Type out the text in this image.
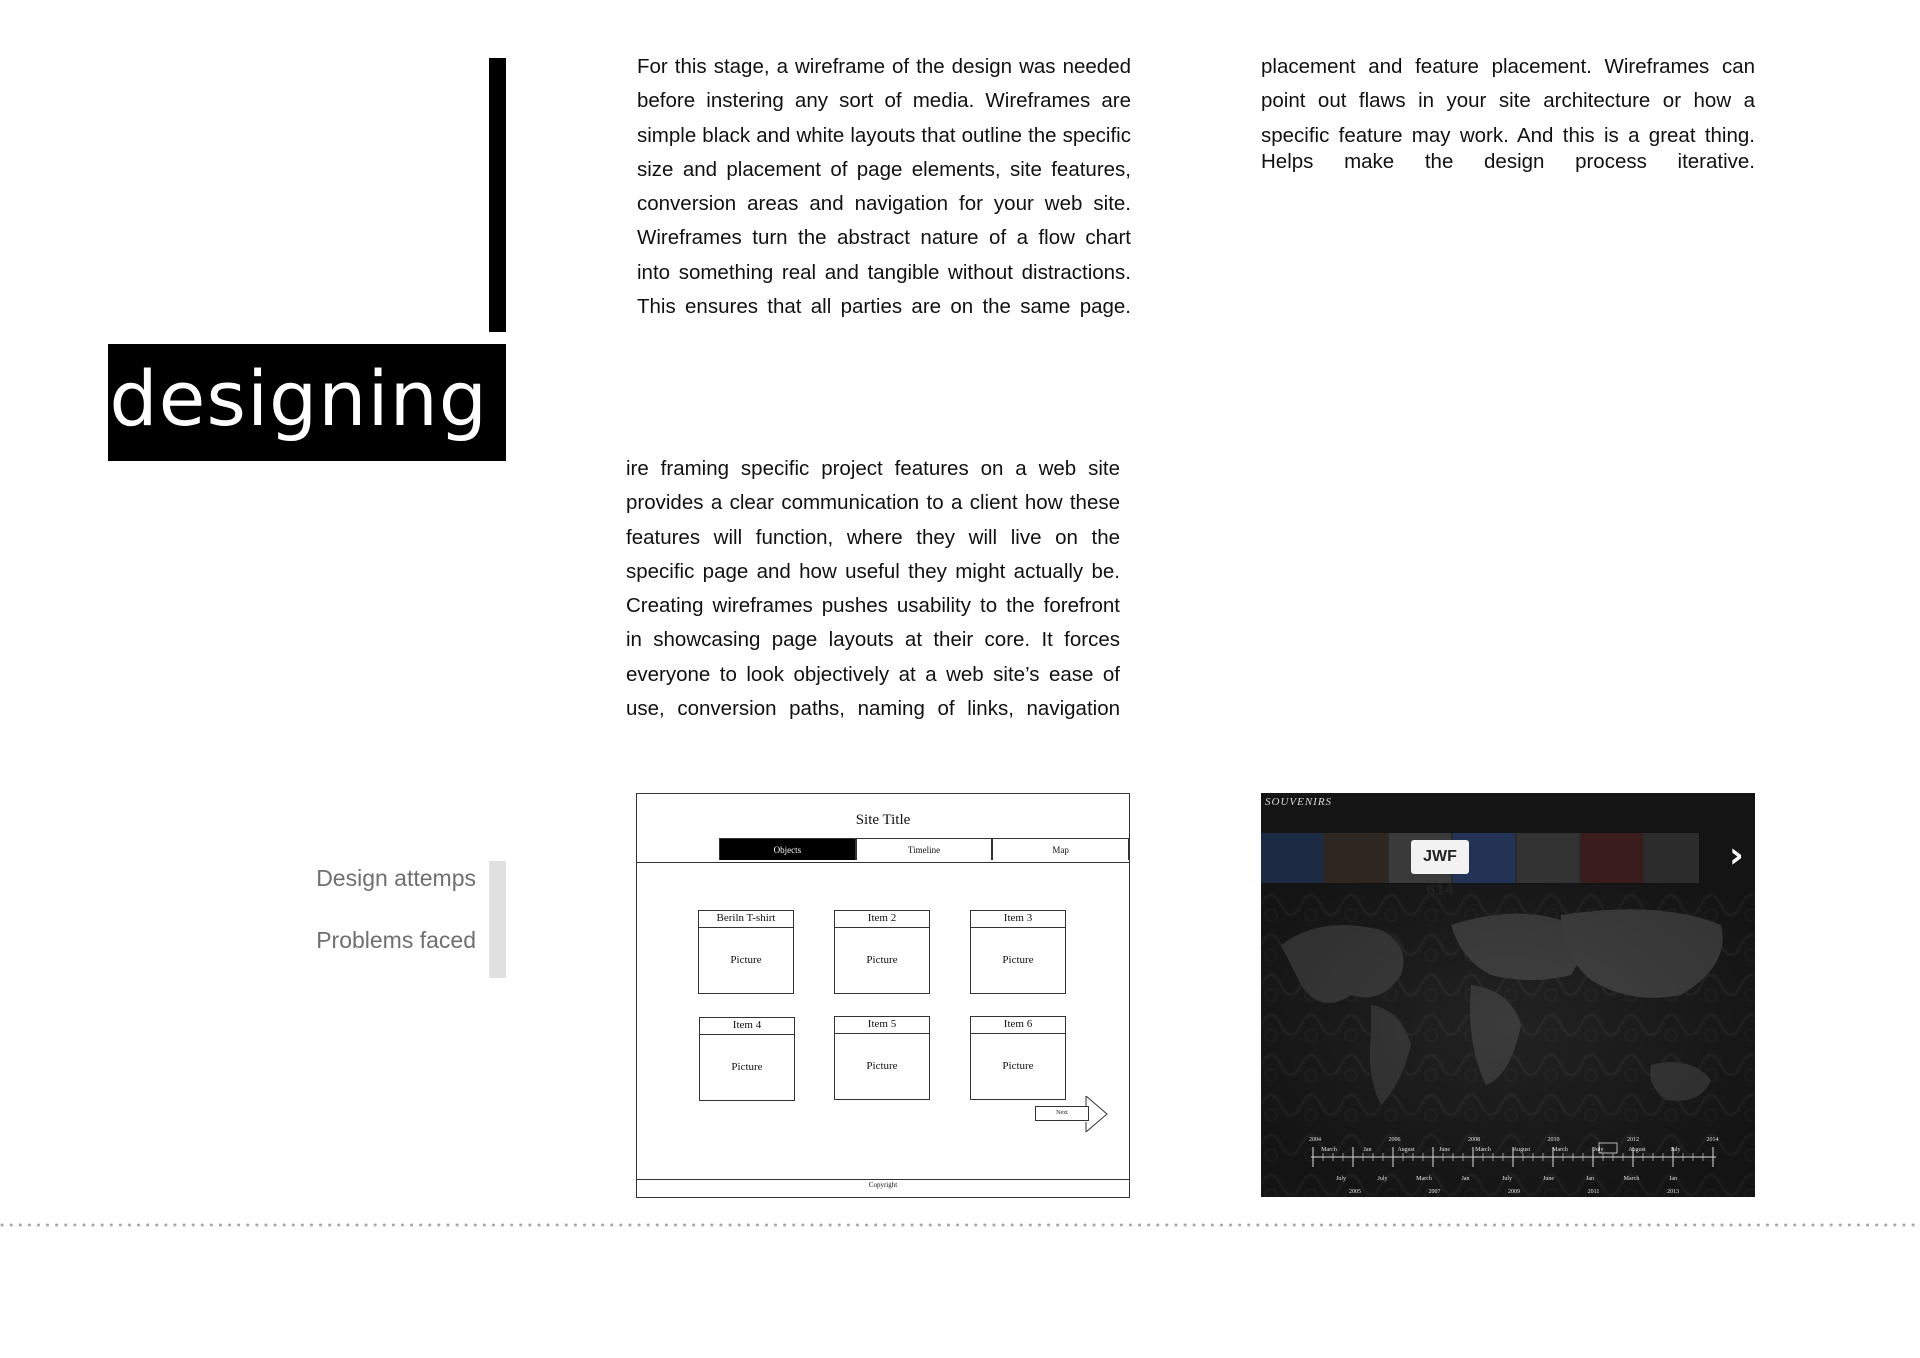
designing
For this stage, a wireframe of the design was needed before instering any sort of media. Wireframes are simple black and white layouts that outline the specific size and placement of page elements, site features, conversion areas and navigation for your web site. Wireframes turn the abstract nature of a flow chart into something real and tangible without distractions. This ensures that all parties are on the same page.
placement and feature placement. Wireframes can point out flaws in your site architecture or how a specific feature may work. And this is a great thing.
Helps make the design process iterative.
ire framing specific project features on a web site provides a clear communication to a client how these features will function, where they will live on the specific page and how useful they might actually be. Creating wireframes pushes usability to the forefront in showcasing page layouts at their core. It forces everyone to look objectively at a web site’s ease of use, conversion paths, naming of links, navigation
Design attemps
Problems faced
Site Title
Objects	Timeline	Map
Beriln T-shirt
Picture
Item 2
Picture
Item 3
Picture
Item 4
Picture
Item 5
Picture
Item 6
Picture
Next
Copyright
SOUVENIRS
JWF 614
›
2004	2006	2008	2010	2012	2014
2005	2007	2009	2011	2013
March	Jan	August	June	March	August	March	July	August	July
July	July	March	Jan	July	June	Jan	March	Jan
